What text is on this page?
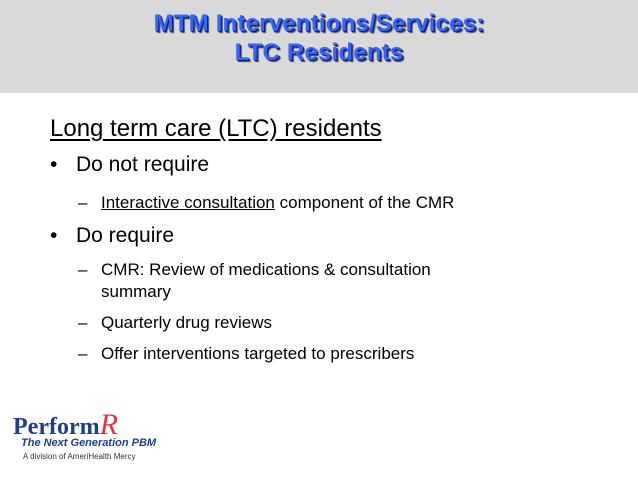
MTM Interventions/Services:
LTC Residents
Long term care (LTC) residents
• Do not require
– Interactive consultation component of the CMR
• Do require
– CMR: Review of medications & consultation
summary
– Quarterly drug reviews
– Offer interventions targeted to prescribers
PerformR
The Next Generation PBM
A division of AmeriHealth Mercy
